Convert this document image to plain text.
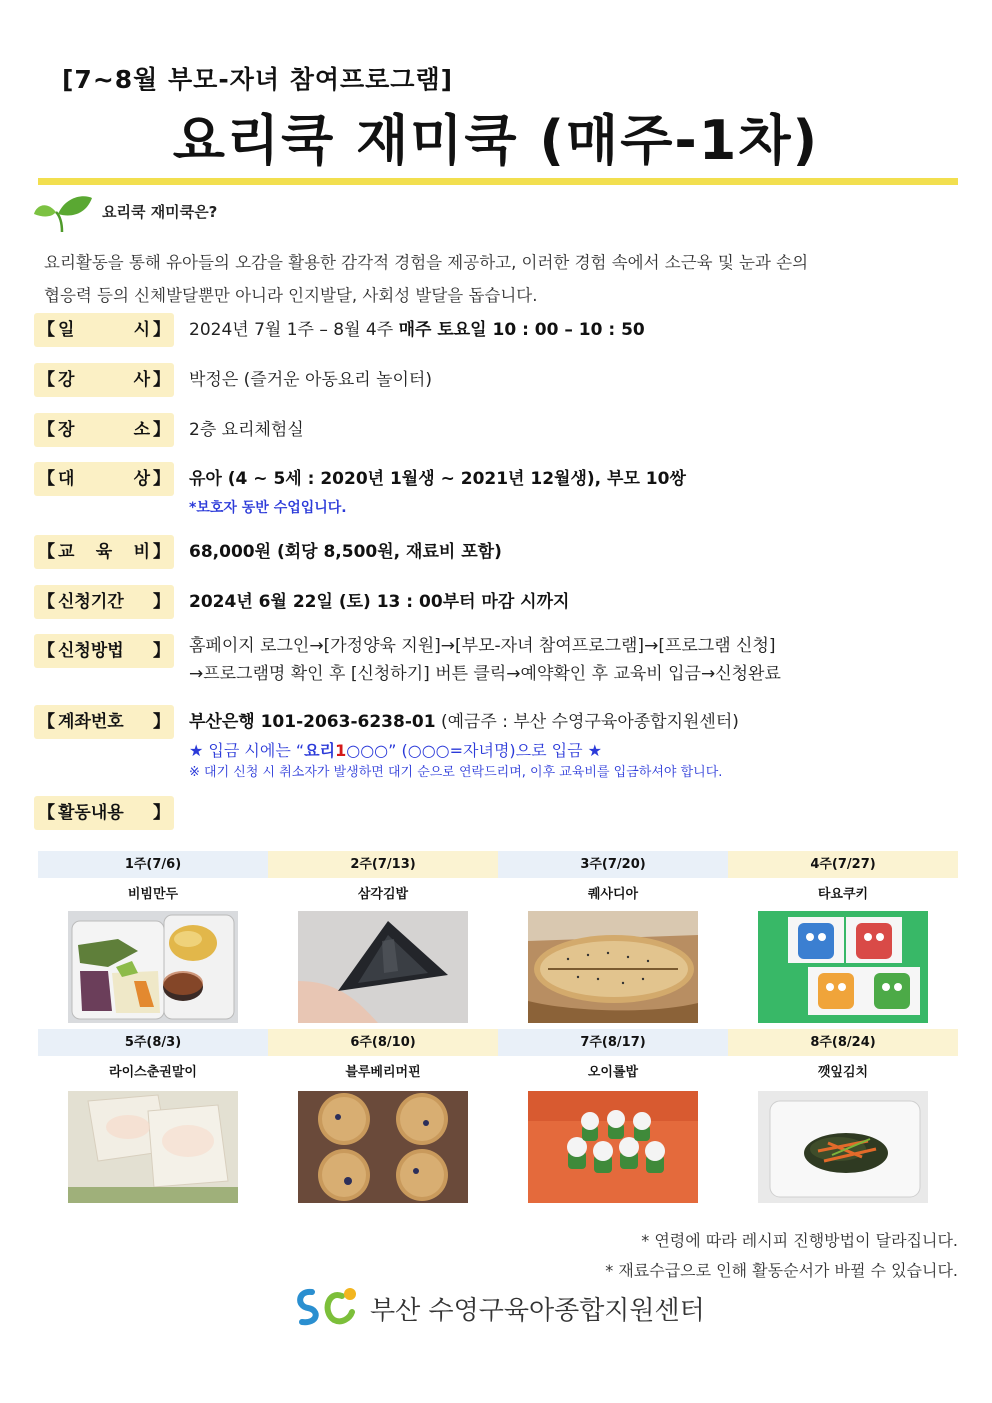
[7~8월 부모-자녀 참여프로그램]
요리쿡 재미쿡 (매주-1차)
요리쿡 재미쿡은?
요리활동을 통해 유아들의 오감을 활용한 감각적 경험을 제공하고, 이러한 경험 속에서 소근육 및 눈과 손의
협응력 등의 신체발달뿐만 아니라 인지발달, 사회성 발달을 돕습니다.
【 일 시 】 2024년 7월 1주 – 8월 4주 매주 토요일 10 : 00 – 10 : 50
【 강 사 】 박정은 (즐거운 아동요리 놀이터)
【 장 소 】 2층 요리체험실
【 대 상 】 유아 (4 ~ 5세 : 2020년 1월생 ~ 2021년 12월생), 부모 10쌍
*보호자 동반 수업입니다.
【 교 육 비 】 68,000원 (회당 8,500원, 재료비 포함)
【 신청기간	】 2024년 6월 22일 (토) 13 : 00부터 마감 시까지
【 신청방법	】 홈페이지 로그인→[가정양육 지원]→[부모-자녀 참여프로그램]→[프로그램 신청]
→프로그램명 확인 후 [신청하기] 버튼 클릭→예약확인 후 교육비 입금→신청완료
【 계좌번호	】 부산은행 101-2063-6238-01 (예금주 : 부산 수영구육아종합지원센터)
★ 입금 시에는 “요리1○○○” (○○○=자녀명)으로 입금 ★
※ 대기 신청 시 취소자가 발생하면 대기 순으로 연락드리며, 이후 교육비를 입금하셔야 합니다.
【 활동내용	】
1주(7/6)	2주(7/13)	3주(7/20)	4주(7/27)
비빔만두	삼각김밥	퀘사디아	타요쿠키
5주(8/3)	6주(8/10)	7주(8/17)	8주(8/24)
라이스춘권말이	블루베리머핀	오이롤밥	깻잎김치
* 연령에 따라 레시피 진행방법이 달라집니다.
* 재료수급으로 인해 활동순서가 바뀔 수 있습니다.
부산 수영구육아종합지원센터
